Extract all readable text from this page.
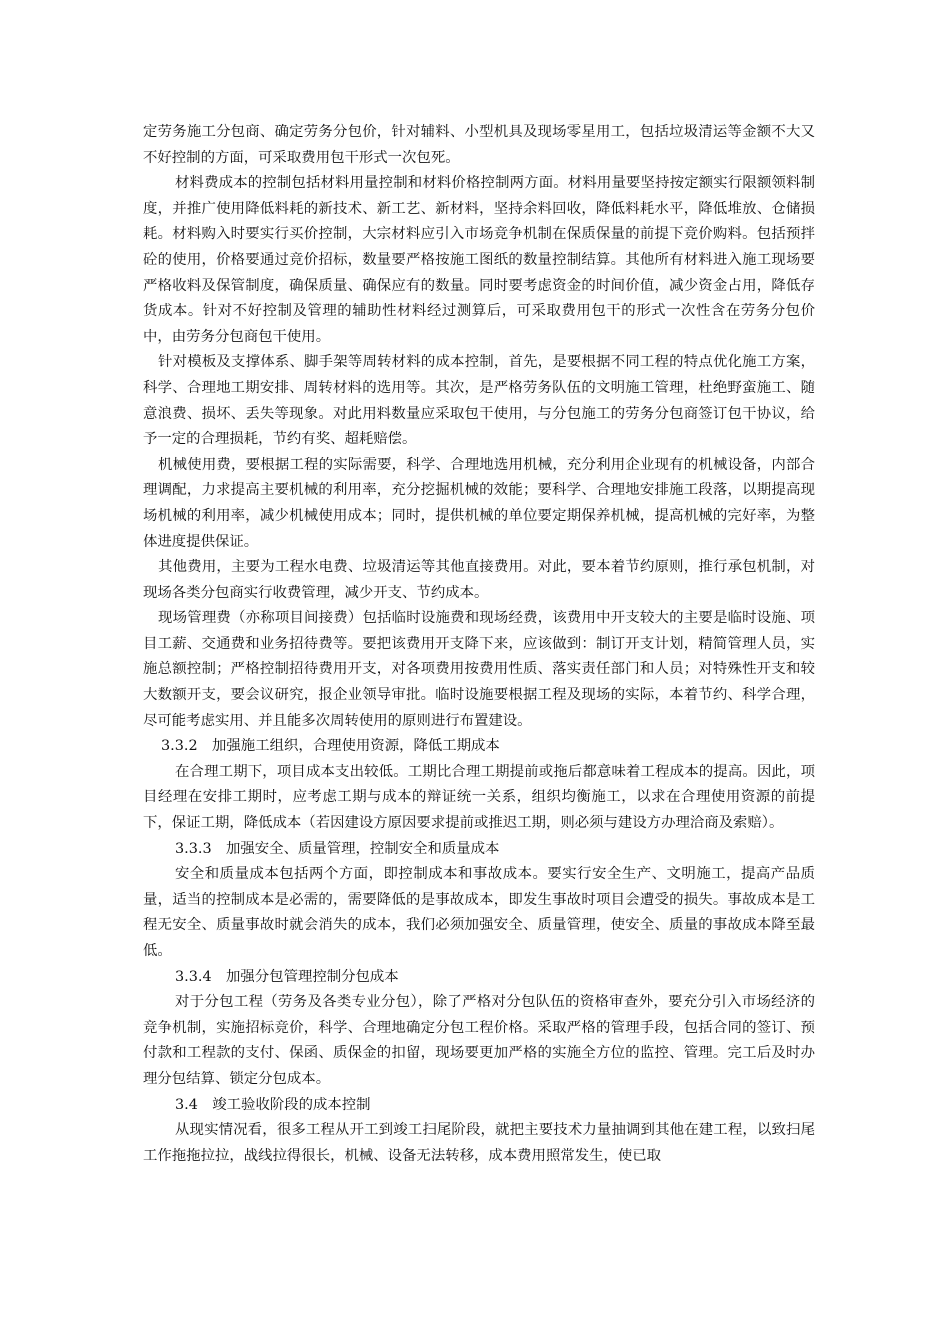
定劳务施工分包商、确定劳务分包价，针对辅料、小型机具及现场零星用工，包括垃圾清运等金额不大又不好控制的方面，可采取费用包干形式一次包死。

材料费成本的控制包括材料用量控制和材料价格控制两方面。材料用量要坚持按定额实行限额领料制度，并推广使用降低料耗的新技术、新工艺、新材料，坚持余料回收，降低料耗水平，降低堆放、仓储损耗。材料购入时要实行买价控制，大宗材料应引入市场竞争机制在保质保量的前提下竞价购料。包括预拌砼的使用，价格要通过竞价招标，数量要严格按施工图纸的数量控制结算。其他所有材料进入施工现场要严格收料及保管制度，确保质量、确保应有的数量。同时要考虑资金的时间价值，减少资金占用，降低存货成本。针对不好控制及管理的辅助性材料经过测算后，可采取费用包干的形式一次性含在劳务分包价中，由劳务分包商包干使用。

针对模板及支撑体系、脚手架等周转材料的成本控制，首先，是要根据不同工程的特点优化施工方案，科学、合理地工期安排、周转材料的选用等。其次，是严格劳务队伍的文明施工管理，杜绝野蛮施工、随意浪费、损坏、丢失等现象。对此用料数量应采取包干使用，与分包施工的劳务分包商签订包干协议，给予一定的合理损耗，节约有奖、超耗赔偿。

机械使用费，要根据工程的实际需要，科学、合理地选用机械，充分利用企业现有的机械设备，内部合理调配，力求提高主要机械的利用率，充分挖掘机械的效能；要科学、合理地安排施工段落，以期提高现场机械的利用率，减少机械使用成本；同时，提供机械的单位要定期保养机械，提高机械的完好率，为整体进度提供保证。

其他费用，主要为工程水电费、垃圾清运等其他直接费用。对此，要本着节约原则，推行承包机制，对现场各类分包商实行收费管理，减少开支、节约成本。

现场管理费（亦称项目间接费）包括临时设施费和现场经费，该费用中开支较大的主要是临时设施、项目工薪、交通费和业务招待费等。要把该费用开支降下来，应该做到：制订开支计划，精简管理人员，实施总额控制；严格控制招待费用开支，对各项费用按费用性质、落实责任部门和人员；对特殊性开支和较大数额开支，要会议研究，报企业领导审批。临时设施要根据工程及现场的实际，本着节约、科学合理，尽可能考虑实用、并且能多次周转使用的原则进行布置建设。

3.3.2　加强施工组织，合理使用资源，降低工期成本

在合理工期下，项目成本支出较低。工期比合理工期提前或拖后都意味着工程成本的提高。因此，项目经理在安排工期时，应考虑工期与成本的辩证统一关系，组织均衡施工，以求在合理使用资源的前提下，保证工期，降低成本（若因建设方原因要求提前或推迟工期，则必须与建设方办理洽商及索赔）。

3.3.3　加强安全、质量管理，控制安全和质量成本

安全和质量成本包括两个方面，即控制成本和事故成本。要实行安全生产、文明施工，提高产品质量，适当的控制成本是必需的，需要降低的是事故成本，即发生事故时项目会遭受的损失。事故成本是工程无安全、质量事故时就会消失的成本，我们必须加强安全、质量管理，使安全、质量的事故成本降至最低。

3.3.4　加强分包管理控制分包成本

对于分包工程（劳务及各类专业分包），除了严格对分包队伍的资格审查外，要充分引入市场经济的竞争机制，实施招标竞价，科学、合理地确定分包工程价格。采取严格的管理手段，包括合同的签订、预付款和工程款的支付、保函、质保金的扣留，现场要更加严格的实施全方位的监控、管理。完工后及时办理分包结算、锁定分包成本。

3.4　竣工验收阶段的成本控制

从现实情况看，很多工程从开工到竣工扫尾阶段，就把主要技术力量抽调到其他在建工程，以致扫尾工作拖拖拉拉，战线拉得很长，机械、设备无法转移，成本费用照常发生，使已取
